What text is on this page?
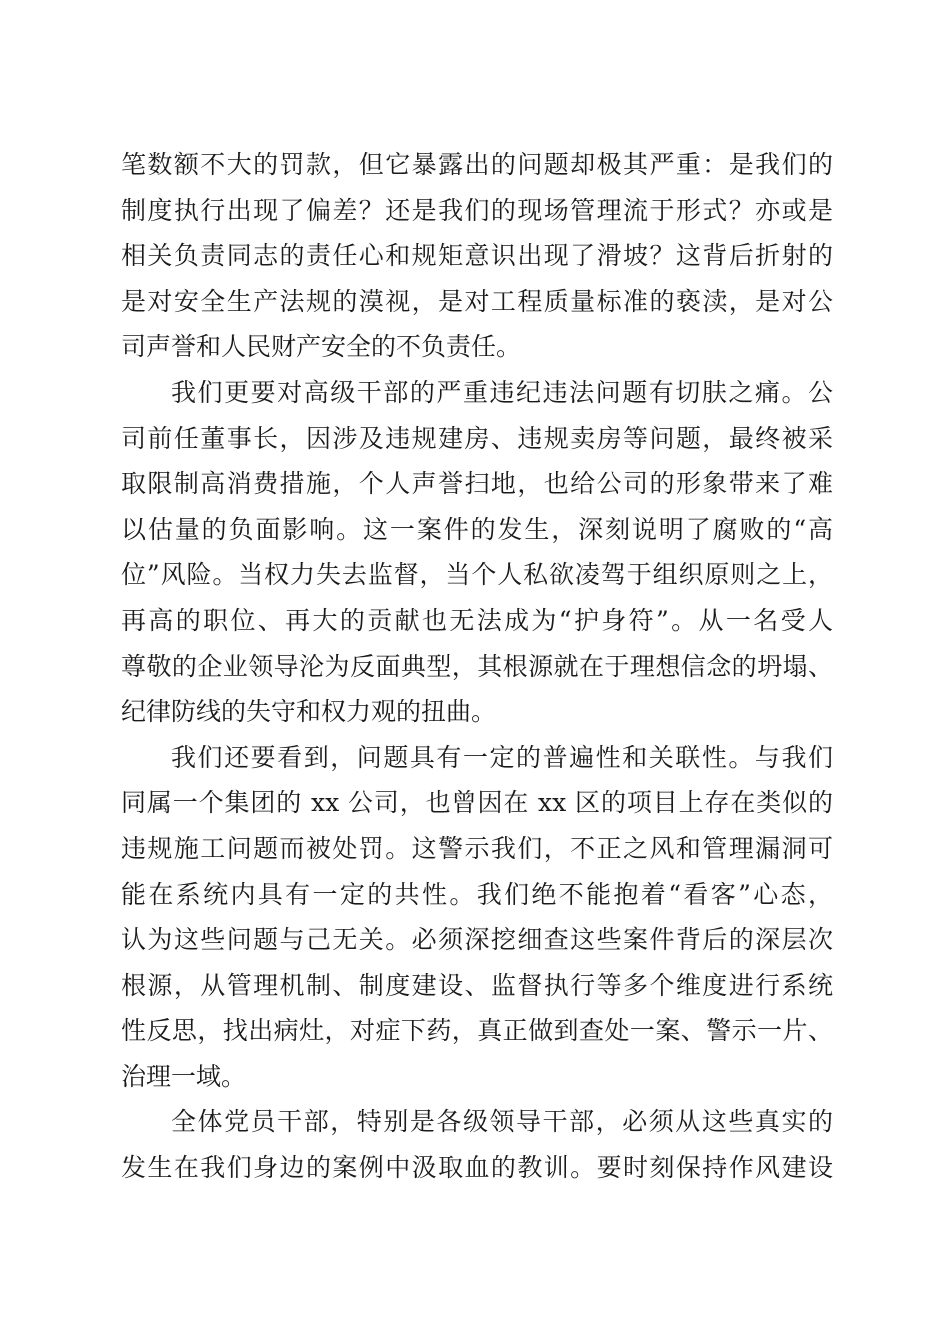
笔数额不大的罚款，但它暴露出的问题却极其严重：是我们的
制度执行出现了偏差？还是我们的现场管理流于形式？亦或是
相关负责同志的责任心和规矩意识出现了滑坡？这背后折射的
是对安全生产法规的漠视，是对工程质量标准的亵渎，是对公
司声誉和人民财产安全的不负责任。
我们更要对高级干部的严重违纪违法问题有切肤之痛。公
司前任董事长，因涉及违规建房、违规卖房等问题，最终被采
取限制高消费措施，个人声誉扫地，也给公司的形象带来了难
以估量的负面影响。这一案件的发生，深刻说明了腐败的“高
位”风险。当权力失去监督，当个人私欲凌驾于组织原则之上，
再高的职位、再大的贡献也无法成为“护身符”。从一名受人
尊敬的企业领导沦为反面典型，其根源就在于理想信念的坍塌、
纪律防线的失守和权力观的扭曲。
我们还要看到，问题具有一定的普遍性和关联性。与我们
同属一个集团的 xx 公司，也曾因在 xx 区的项目上存在类似的
违规施工问题而被处罚。这警示我们，不正之风和管理漏洞可
能在系统内具有一定的共性。我们绝不能抱着“看客”心态，
认为这些问题与己无关。必须深挖细查这些案件背后的深层次
根源，从管理机制、制度建设、监督执行等多个维度进行系统
性反思，找出病灶，对症下药，真正做到查处一案、警示一片、
治理一域。
全体党员干部，特别是各级领导干部，必须从这些真实的
发生在我们身边的案例中汲取血的教训。要时刻保持作风建设
